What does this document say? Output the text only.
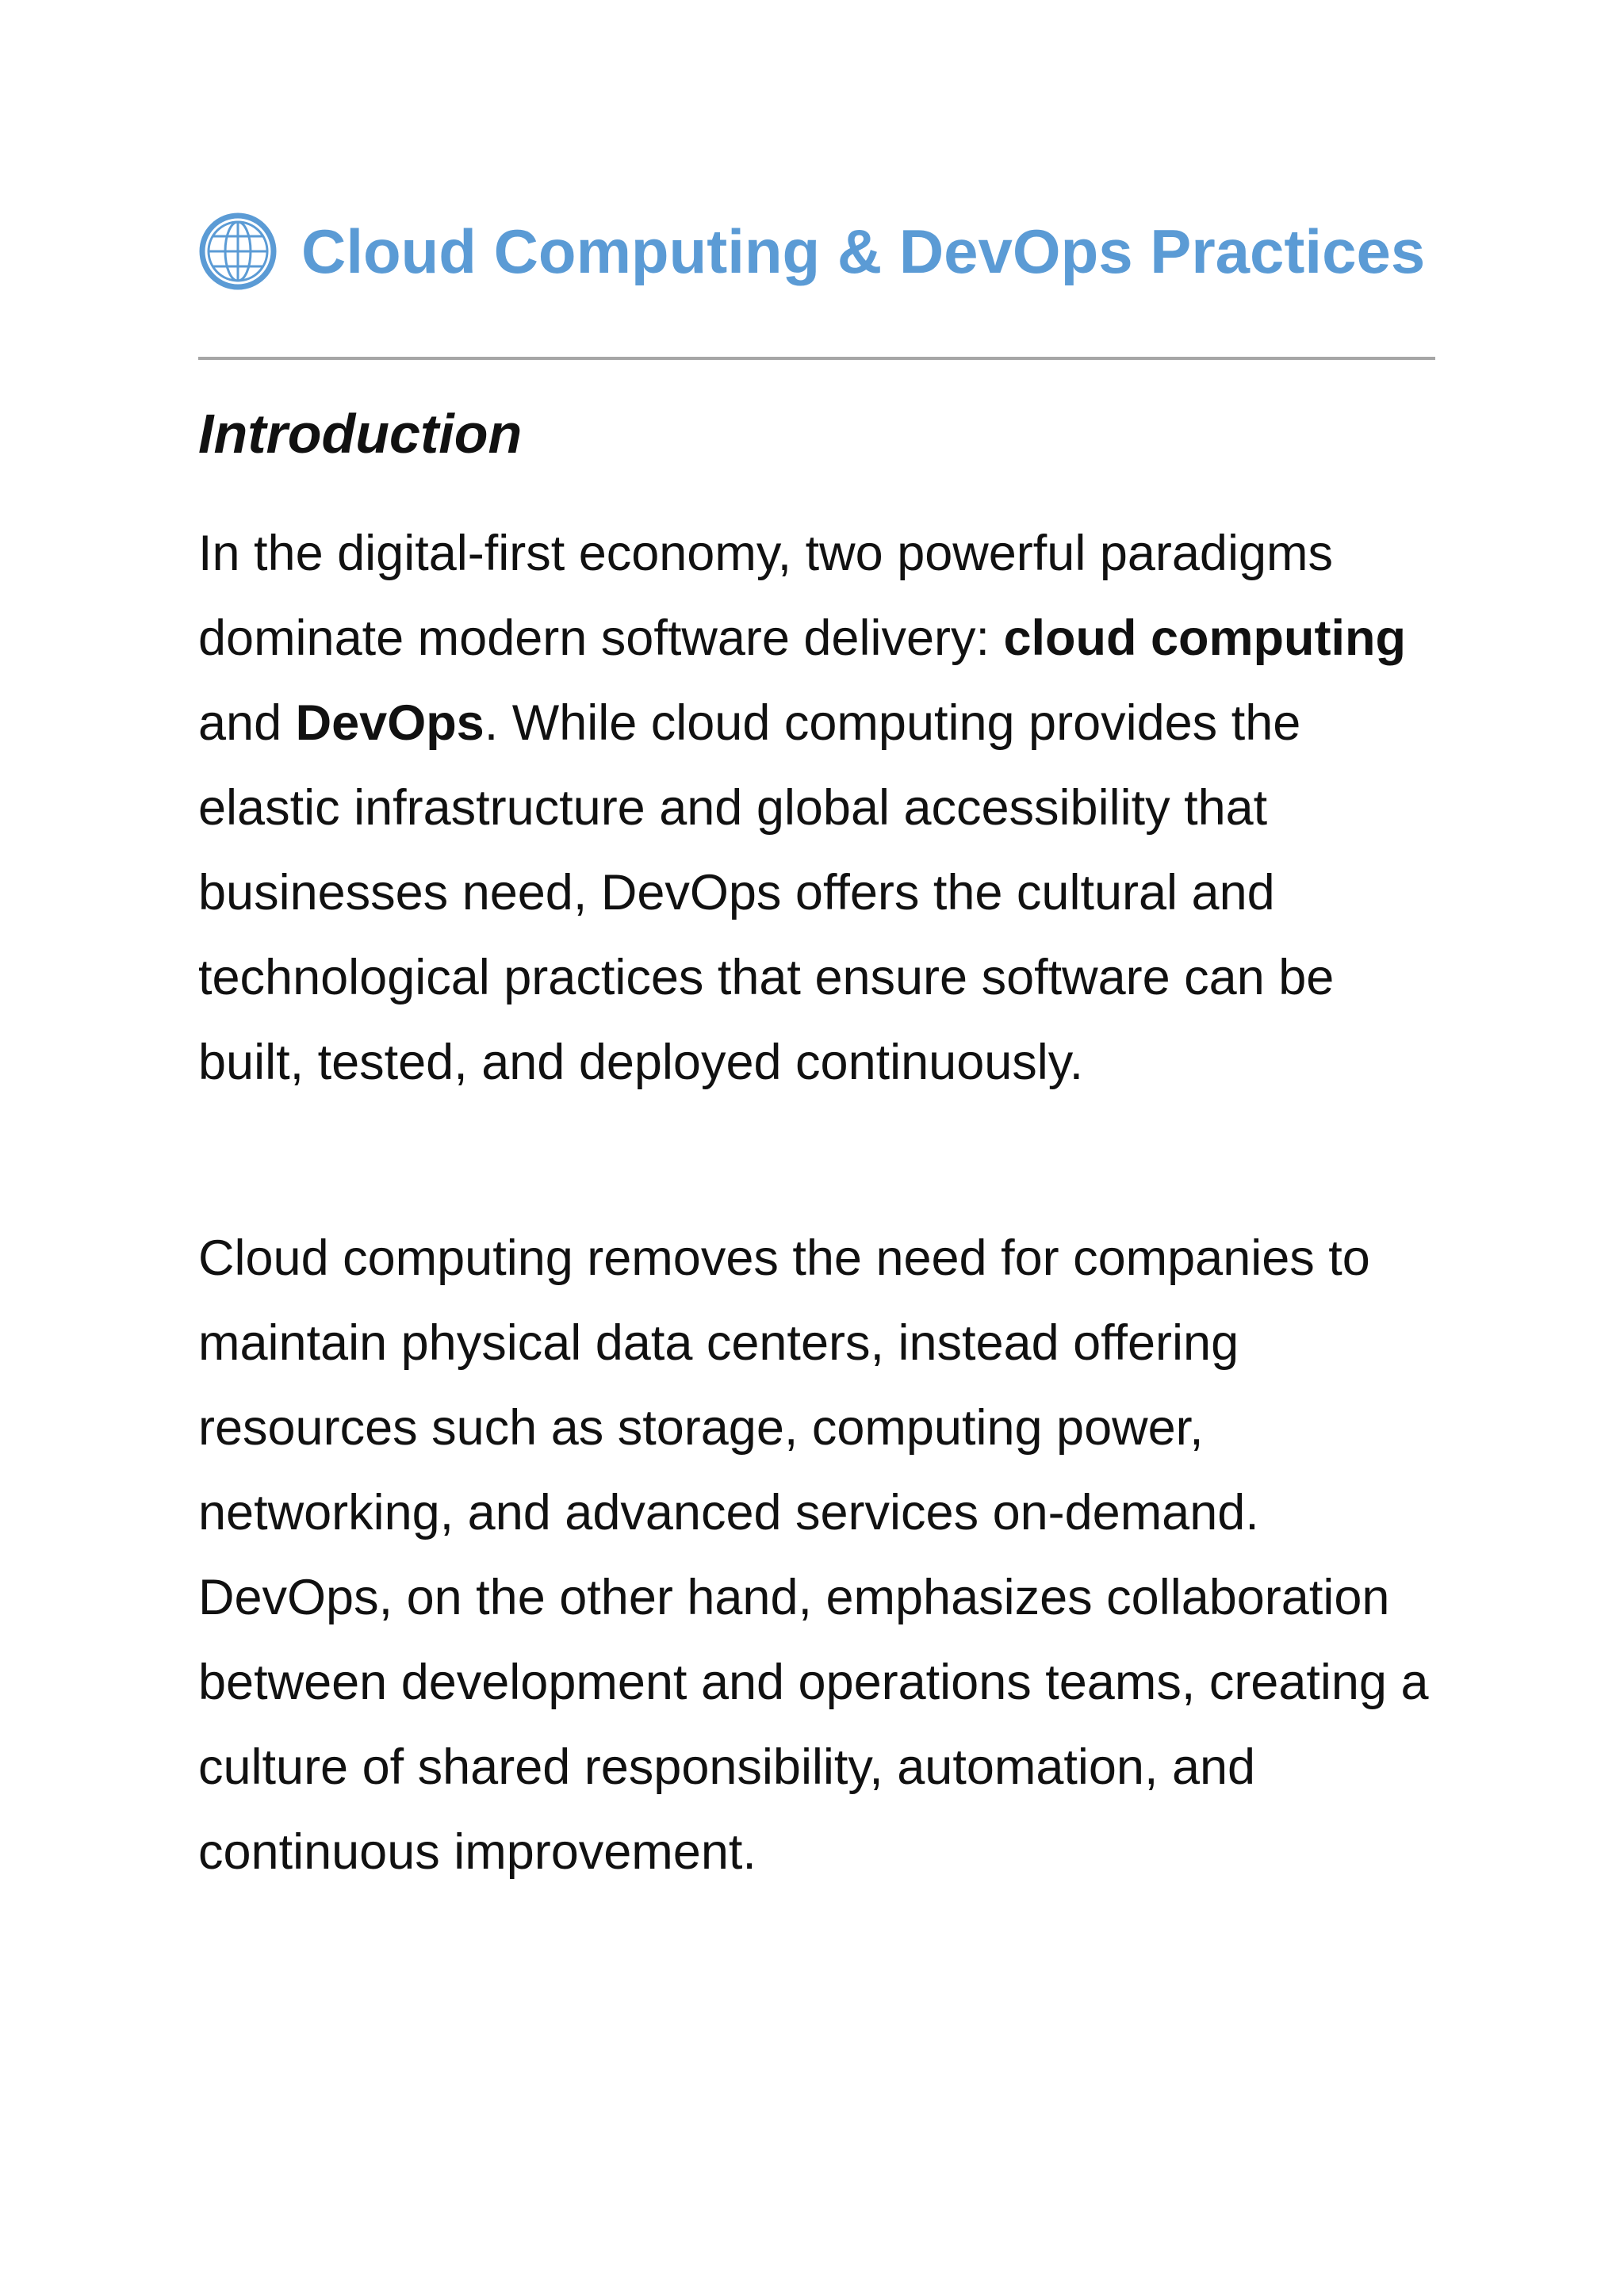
Cloud Computing & DevOps Practices
Introduction

In the digital-first economy, two powerful paradigms dominate modern software delivery: cloud computing and DevOps. While cloud computing provides the elastic infrastructure and global accessibility that businesses need, DevOps offers the cultural and technological practices that ensure software can be built, tested, and deployed continuously.

Cloud computing removes the need for companies to maintain physical data centers, instead offering resources such as storage, computing power, networking, and advanced services on-demand. DevOps, on the other hand, emphasizes collaboration between development and operations teams, creating a culture of shared responsibility, automation, and continuous improvement.
